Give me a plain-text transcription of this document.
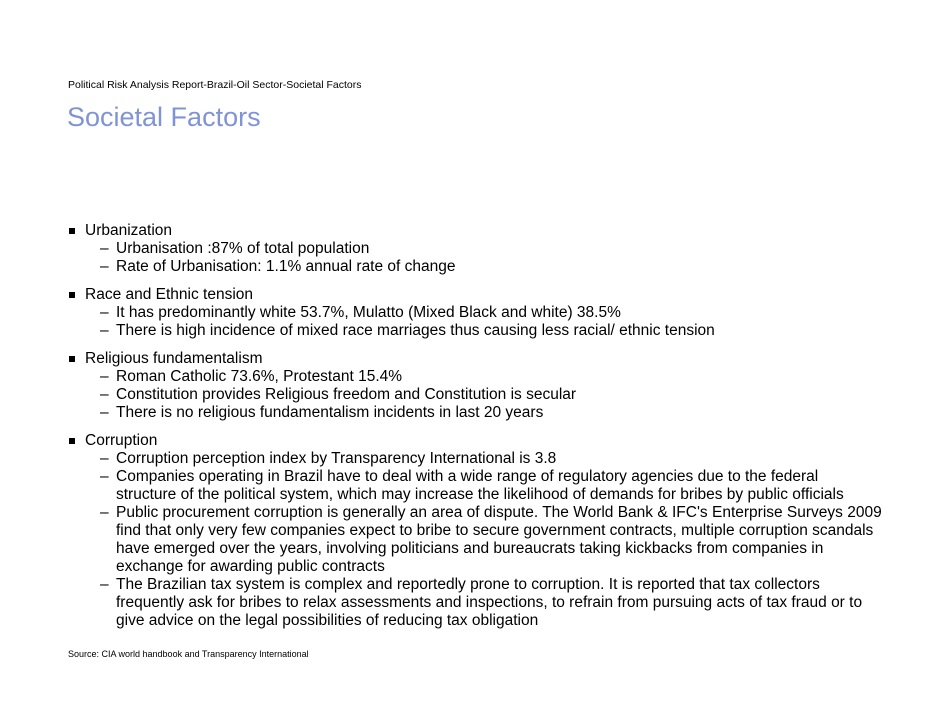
Political Risk Analysis Report-Brazil-Oil Sector-Societal Factors
Societal Factors
Urbanization
– Urbanisation :87% of total population
– Rate of Urbanisation: 1.1% annual rate of change
Race and Ethnic tension
– It has predominantly white 53.7%, Mulatto (Mixed Black and white) 38.5%
– There is high incidence of mixed race marriages thus causing less racial/ ethnic tension
Religious fundamentalism
– Roman Catholic 73.6%, Protestant 15.4%
– Constitution provides Religious freedom and Constitution is secular
– There is no religious fundamentalism incidents in last 20 years
Corruption
– Corruption perception index by Transparency International is 3.8
– Companies operating in Brazil have to deal with a wide range of regulatory agencies due to the federal structure of the political system, which may increase the likelihood of demands for bribes by public officials
– Public procurement corruption is generally an area of dispute. The World Bank & IFC's Enterprise Surveys 2009 find that only very few companies expect to bribe to secure government contracts, multiple corruption scandals have emerged over the years, involving politicians and bureaucrats taking kickbacks from companies in exchange for awarding public contracts
– The Brazilian tax system is complex and reportedly prone to corruption. It is reported that tax collectors frequently ask for bribes to relax assessments and inspections, to refrain from pursuing acts of tax fraud or to give advice on the legal possibilities of reducing tax obligation
Source: CIA world handbook and Transparency International
